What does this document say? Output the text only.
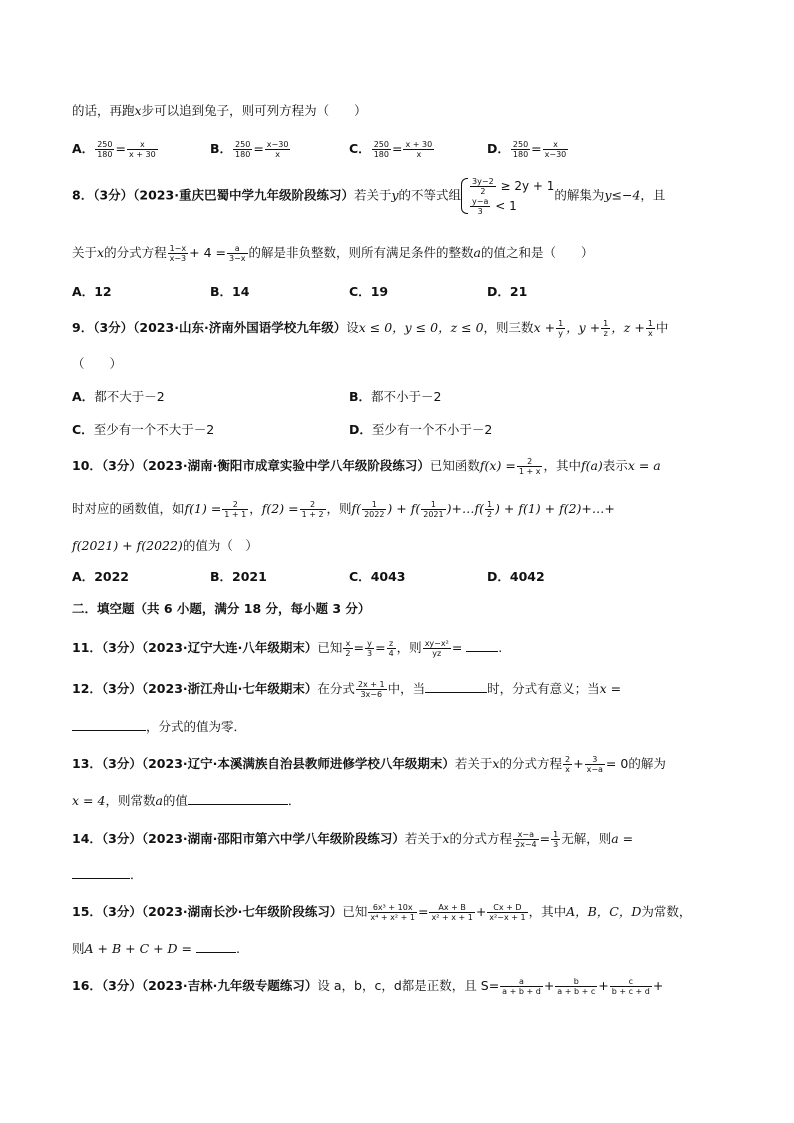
的话，再跑x步可以追到兔子，则可列方程为（　　）
A． $\frac{250}{180} = \frac{x}{x + 30}$	B． $\frac{250}{180} = \frac{x-30}{x}$	C． $\frac{250}{180} = \frac{x + 30}{x}$	D． $\frac{250}{180} = \frac{x}{x-30}$
8．（3分）（2023·重庆巴蜀中学九年级阶段练习）若关于y的不等式组 $\frac{3y-2}{2} \ge 2y + 1$
$\frac{y-a}{3} < 1$
的解集为y≤−4，且
关于x的分式方程 $\frac{1-x}{x-3} + 4 = \frac{a}{3-x}$ 的解是非负整数，则所有满足条件的整数a的值之和是（　　）
A．12	B．14	C．19	D．21
9．（3分）（2023·山东·济南外国语学校九年级）设x ≤ 0，y ≤ 0，z ≤ 0，则三数$x + \frac{1}{y}$ ，$y + \frac{1}{z}$ ，$z + \frac{1}{x}$ 中
（　　）
A．都不大于－2	B．都不小于－2
C．至少有一个不大于－2	D．至少有一个不小于－2
10．（3分）（2023·湖南·衡阳市成章实验中学八年级阶段练习）已知函数$f(x) = \frac{2}{1 + x}$ ，其中f(a)表示x = a
时对应的函数值，如$f(1) = \frac{2}{1 + 1}$ ，$f(2) = \frac{2}{1 + 2}$ ，则$f( \frac{1}{2022}$ ) + $f( \frac{1}{2021}$ )+…f( $\frac{1}{2}$ ) + f(1) + f(2)+…+
f(2021) + f(2022)的值为（　）
A．2022	B．2021	C．4043	D．4042
二．填空题（共 6 小题，满分 18 分，每小题 3 分）
11．（3分）（2023·辽宁大连·八年级期末）已知 $\frac{x}{2} = \frac{y}{3} = \frac{z}{4}$ ，则 $\frac{\text{xy−x²}}{yz}$ =	.
12．（3分）（2023·浙江舟山·七年级期末）在分式 $\frac{2x + 1}{3x-6}$ 中，当	时，分式有意义；当x =
，分式的值为零．
13．（3分）（2023·辽宁·本溪满族自治县教师进修学校八年级期末）若关于x的分式方程 $\frac{2}{x} + \frac{3}{x-a} = 0$的解为
x = 4，则常数a的值	．
14．（3分）（2023·湖南·邵阳市第六中学八年级阶段练习）若关于x的分式方程 $\frac{x-a}{2x-4} = \frac{1}{3}$ 无解，则a =
．
15．（3分）（2023·湖南长沙·七年级阶段练习）已知 $\frac{\text{6x³ + 10x}}{\text{x⁴ + x² + 1}} = \frac{Ax + B}{\text{x² + x + 1}} + \frac{Cx + D}{\text{x²−x + 1}}$ ，其中A，B，C，D为常数，
则A + B + C + D =	.
16．（3分）（2023·吉林·九年级专题练习）设 a，b，c，d都是正数，且 $S= \frac{a}{a + b + d} + \frac{b}{a + b + c} + \frac{c}{b + c + d}$ +
